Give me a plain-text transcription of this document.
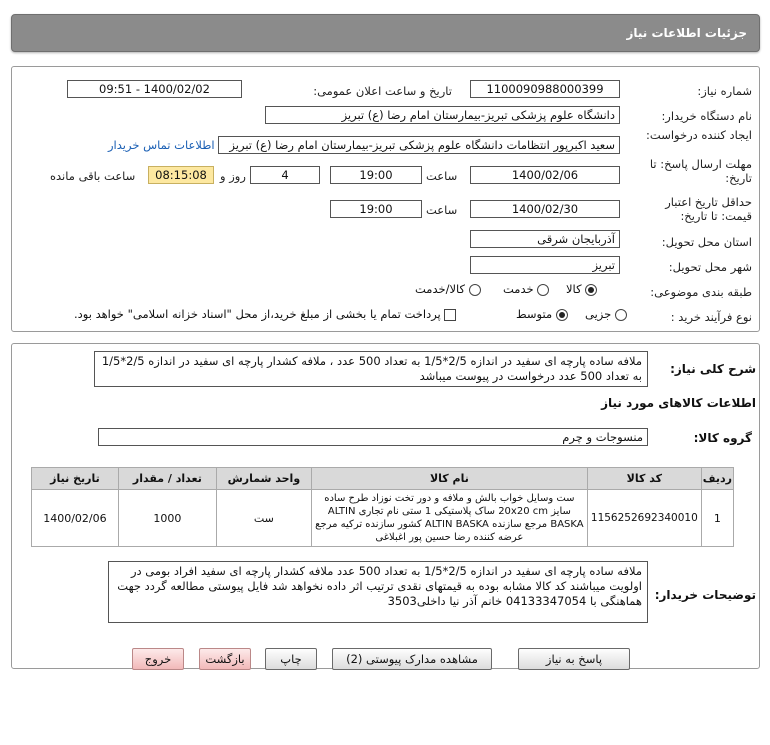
جزئیات اطلاعات نیاز
شماره نیاز:
1100090988000399
تاریخ و ساعت اعلان عمومی:
1400/02/02 - 09:51
نام دستگاه خریدار:
دانشگاه علوم پزشکی تبریز-بیمارستان امام رضا (ع) تبریز
ایجاد کننده درخواست:
سعید اکبرپور انتظامات دانشگاه علوم پزشکی تبریز-بیمارستان امام رضا (ع) تبریز
اطلاعات تماس خریدار
مهلت ارسال پاسخ: تا تاریخ:
1400/02/06
ساعت
19:00
4
روز و
08:15:08
ساعت باقی مانده
حداقل تاریخ اعتبار قیمت: تا تاریخ:
1400/02/30
ساعت
19:00
استان محل تحویل:
آذربایجان شرقی
شهر محل تحویل:
تبریز
طبقه بندی موضوعی:
کالا
خدمت
کالا/خدمت
نوع فرآیند خرید :
جزیی
متوسط
پرداخت تمام یا بخشی از مبلغ خرید،از محل "اسناد خزانه اسلامی" خواهد بود.
شرح کلی نیاز:
ملافه ساده پارچه ای سفید در اندازه 2/5*1/5 به تعداد 500 عدد ، ملافه کشدار پارچه ای سفید در اندازه 2/5*1/5 به تعداد 500 عدد درخواست در پیوست میباشد
اطلاعات کالاهای مورد نیاز
گروه کالا:
منسوجات و چرم
ردیف	کد کالا	نام کالا	واحد شمارش	تعداد / مقدار	تاریخ نیاز
1	1156252692340010	ست وسایل خواب بالش و ملافه و دور تخت نوزاد طرح ساده سایز 20x20 cm ساک پلاستیکی 1 ستی نام تجاری ALTIN BASKA مرجع سازنده ALTIN BASKA کشور سازنده ترکیه مرجع عرضه کننده رضا حسین پور اغبلاغی	ست	1000	1400/02/06
توضیحات خریدار:
ملافه ساده پارچه ای سفید در اندازه 2/5*1/5 به تعداد 500 عدد ملافه کشدار پارچه ای سفید افراد بومی در اولویت میباشند کد کالا مشابه بوده به قیمتهای نقدی ترتیب اثر داده نخواهد شد فایل پیوستی مطالعه گردد جهت هماهنگی با 04133347054 خانم آذر نیا داخلی3503
پاسخ به نیاز
مشاهده مدارک پیوستی (2)
چاپ
بازگشت
خروج
